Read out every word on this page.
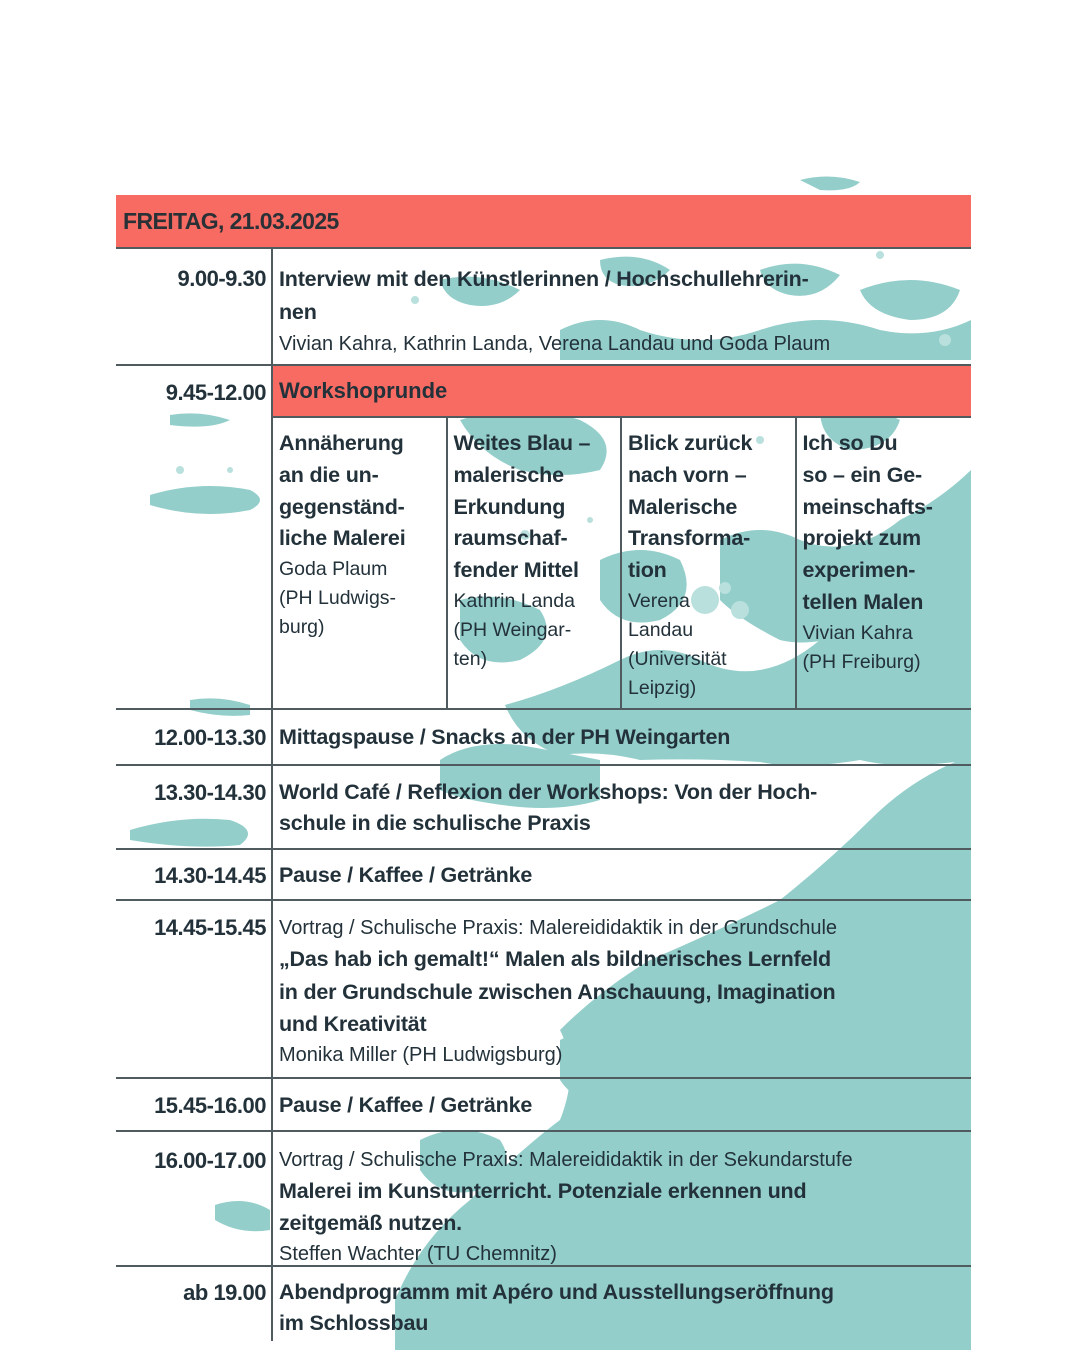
FREITAG, 21.03.2025
9.00-9.30 Interview mit den Künstlerinnen / Hochschullehrerin-
nen
Vivian Kahra, Kathrin Landa, Verena Landau und Goda Plaum
9.45-12.00 Workshoprunde
Annäherung
an die un-
gegenständ-
liche Malerei
Goda Plaum
(PH Ludwigs-
burg)
Weites Blau –
malerische
Erkundung
raumschaf-
fender Mittel
Kathrin Landa
(PH Weingar-
ten)
Blick zurück
nach vorn –
Malerische
Transforma-
tion
Verena
Landau
(Universität
Leipzig)
Ich so Du
so – ein Ge-
meinschafts-
projekt zum
experimen-
tellen Malen
Vivian Kahra
(PH Freiburg)
12.00-13.30 Mittagspause / Snacks an der PH Weingarten
13.30-14.30 World Café / Reflexion der Workshops: Von der Hoch-
schule in die schulische Praxis
14.30-14.45 Pause / Kaffee / Getränke
14.45-15.45 Vortrag / Schulische Praxis: Malereididaktik in der Grundschule
„Das hab ich gemalt!“ Malen als bildnerisches Lernfeld
in der Grundschule zwischen Anschauung, Imagination
und Kreativität
Monika Miller (PH Ludwigsburg)
15.45-16.00 Pause / Kaffee / Getränke
16.00-17.00 Vortrag / Schulische Praxis: Malereididaktik in der Sekundarstufe
Malerei im Kunstunterricht. Potenziale erkennen und
zeitgemäß nutzen.
Steffen Wachter (TU Chemnitz)
ab 19.00 Abendprogramm mit Apéro und Ausstellungseröffnung
im Schlossbau
